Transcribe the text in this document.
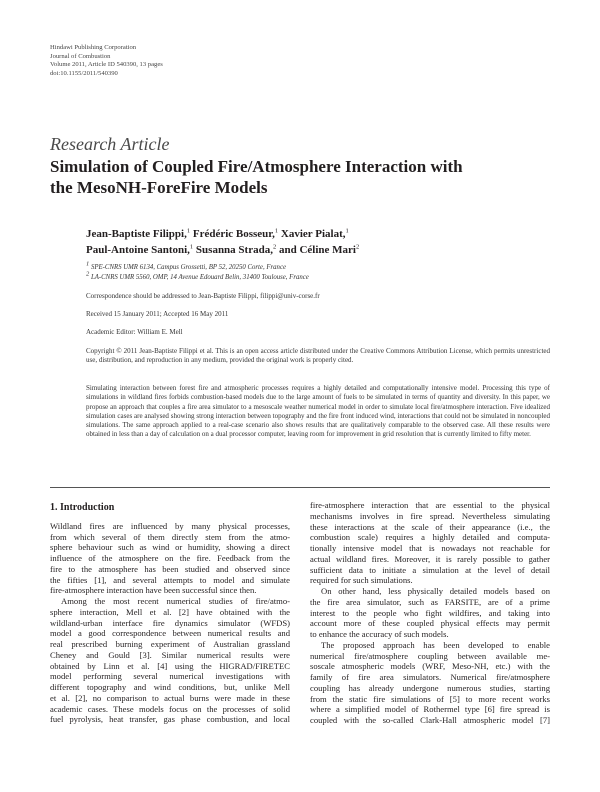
Hindawi Publishing Corporation
Journal of Combustion
Volume 2011, Article ID 540390, 13 pages
doi:10.1155/2011/540390
Research Article
Simulation of Coupled Fire/Atmosphere Interaction with
the MesoNH-ForeFire Models
Jean-Baptiste Filippi,$^1$ Frédéric Bosseur,$^1$ Xavier Pialat,$^1$
Paul-Antoine Santoni,$^1$ Susanna Strada,$^2$ and Céline Mari$^2$
$^1$ SPE-CNRS UMR 6134, Campus Grossetti, BP 52, 20250 Corte, France
$^2$ LA-CNRS UMR 5560, OMP, 14 Avenue Edouard Belin, 31400 Toulouse, France
Correspondence should be addressed to Jean-Baptiste Filippi, filippi@univ-corse.fr
Received 15 January 2011; Accepted 16 May 2011
Academic Editor: William E. Mell
Copyright © 2011 Jean-Baptiste Filippi et al. This is an open access article distributed under the Creative Commons Attribution License, which permits unrestricted use, distribution, and reproduction in any medium, provided the original work is properly cited.
Simulating interaction between forest fire and atmospheric processes requires a highly detailed and computationally intensive model. Processing this type of simulations in wildland fires forbids combustion-based models due to the large amount of fuels to be simulated in terms of quantity and diversity. In this paper, we propose an approach that couples a fire area simulator to a mesoscale weather numerical model in order to simulate local fire/atmosphere interaction. Five idealized simulation cases are analysed showing strong interaction between topography and the fire front induced wind, interactions that could not be simulated in noncoupled simulations. The same approach applied to a real-case scenario also shows results that are qualitatively comparable to the observed case. All these results were obtained in less than a day of calculation on a dual processor computer, leaving room for improvement in grid resolution that is currently limited to fifty meter.
1. Introduction
Wildland fires are influenced by many physical processes,
from which several of them directly stem from the atmo-
sphere behaviour such as wind or humidity, showing a direct
influence of the atmosphere on the fire. Feedback from the
fire to the atmosphere has been studied and observed since
the fifties [1], and several attempts to model and simulate
fire-atmosphere interaction have been successful since then.
Among the most recent numerical studies of fire/atmo-
sphere interaction, Mell et al. [2] have obtained with the
wildland-urban interface fire dynamics simulator (WFDS)
model a good correspondence between numerical results and
real prescribed burning experiment of Australian grassland
Cheney and Gould [3]. Similar numerical results were
obtained by Linn et al. [4] using the HIGRAD/FIRETEC
model performing several numerical investigations with
different topography and wind conditions, but, unlike Mell
et al. [2], no comparison to actual burns were made in these
academic cases. These models focus on the processes of solid
fuel pyrolysis, heat transfer, gas phase combustion, and local
fire-atmosphere interaction that are essential to the physical
mechanisms involves in fire spread. Nevertheless simulating
these interactions at the scale of their appearance (i.e., the
combustion scale) requires a highly detailed and computa-
tionally intensive model that is nowadays not reachable for
actual wildland fires. Moreover, it is rarely possible to gather
sufficient data to initiate a simulation at the level of detail
required for such simulations.
On other hand, less physically detailed models based on
the fire area simulator, such as FARSITE, are of a prime
interest to the people who fight wildfires, and taking into
account more of these coupled physical effects may permit
to enhance the accuracy of such models.
The proposed approach has been developed to enable
numerical fire/atmosphere coupling between available me-
soscale atmospheric models (WRF, Meso-NH, etc.) with the
family of fire area simulators. Numerical fire/atmosphere
coupling has already undergone numerous studies, starting
from the static fire simulations of [5] to more recent works
where a simplified model of Rothermel type [6] fire spread is
coupled with the so-called Clark-Hall atmospheric model [7]
